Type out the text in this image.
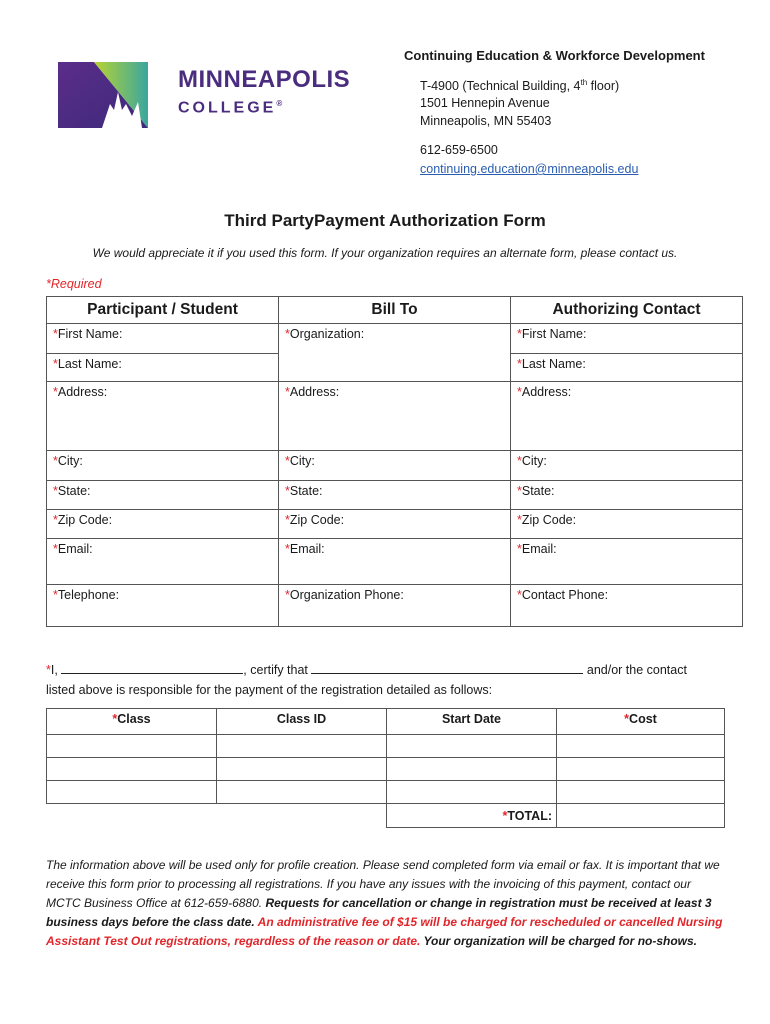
MINNEAPOLIS
COLLEGE®
Continuing Education & Workforce Development
T-4900 (Technical Building, 4th floor)
1501 Hennepin Avenue
Minneapolis, MN 55403
612-659-6500
continuing.education@minneapolis.edu
Third PartyPayment Authorization Form
We would appreciate it if you used this form. If your organization requires an alternate form, please contact us.
*Required
Participant / Student	Bill To	Authorizing Contact
*First Name:	*Organization:	*First Name:
*Last Name:		*Last Name:
*Address:	*Address:	*Address:
*City:	*City:	*City:
*State:	*State:	*State:
*Zip Code:	*Zip Code:	*Zip Code:
*Email:	*Email:	*Email:
*Telephone:	*Organization Phone:	*Contact Phone:
*I,	, certify that	and/or the contact
listed above is responsible for the payment of the registration detailed as follows:
*Class	Class ID	Start Date	*Cost

		*TOTAL:	
The information above will be used only for profile creation. Please send completed form via email or fax. It is important that we receive this form prior to processing all registrations. If you have any issues with the invoicing of this payment, contact our MCTC Business Office at 612-659-6880. Requests for cancellation or change in registration must be received at least 3 business days before the class date. An administrative fee of $15 will be charged for rescheduled or cancelled Nursing Assistant Test Out registrations, regardless of the reason or date. Your organization will be charged for no-shows.
